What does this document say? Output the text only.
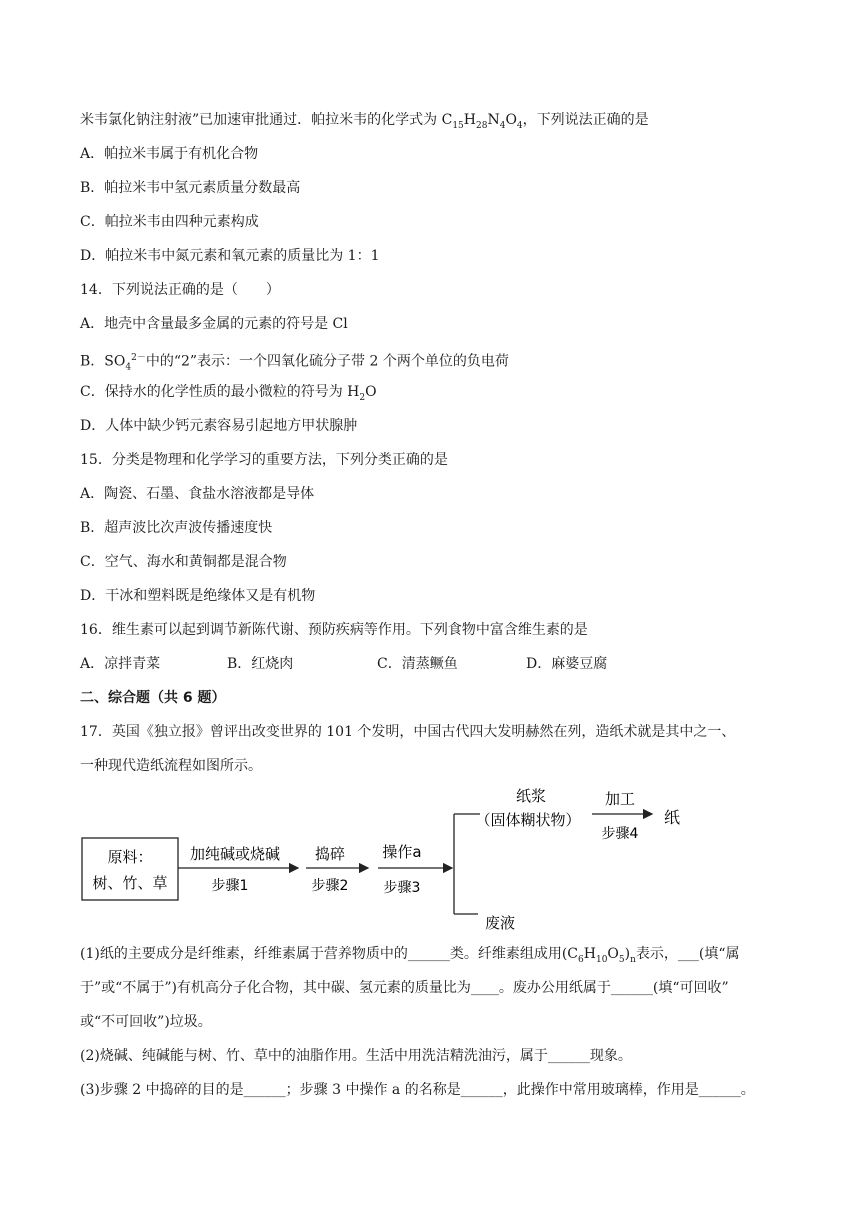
米韦氯化钠注射液”已加速审批通过．帕拉米韦的化学式为 $C_{15}H_{28}N_4O_4$，下列说法正确的是
A．帕拉米韦属于有机化合物
B．帕拉米韦中氢元素质量分数最高
C．帕拉米韦由四种元素构成
D．帕拉米韦中氮元素和氧元素的质量比为 1：1
14．下列说法正确的是（　　）
A．地壳中含量最多金属的元素的符号是 Cl
B．$SO_4^{2-}$中的“2”表示：一个四氧化硫分子带 2 个两个单位的负电荷
C．保持水的化学性质的最小微粒的符号为 $H_2O$
D．人体中缺少钙元素容易引起地方甲状腺肿
15．分类是物理和化学学习的重要方法，下列分类正确的是
A．陶瓷、石墨、食盐水溶液都是导体
B．超声波比次声波传播速度快
C．空气、海水和黄铜都是混合物
D．干冰和塑料既是绝缘体又是有机物
16．维生素可以起到调节新陈代谢、预防疾病等作用。下列食物中富含维生素的是
A．凉拌青菜	B．红烧肉	C．清蒸鳜鱼	D．麻婆豆腐
二、综合题（共 6 题）
17．英国《独立报》曾评出改变世界的 101 个发明，中国古代四大发明赫然在列，造纸术就是其中之一、
一种现代造纸流程如图所示。
原料：
树、竹、草
加纯碱或烧碱
步骤1
捣碎
步骤2
操作a
步骤3
纸浆
（固体糊状物）
加工
步骤4
纸
废液
(1)纸的主要成分是纤维素，纤维素属于营养物质中的______类。纤维素组成用$(C_6H_{10}O_5)_n$表示，___(填“属
于”或“不属于”)有机高分子化合物，其中碳、氢元素的质量比为____。废办公用纸属于______(填“可回收”
或“不可回收”)垃圾。
(2)烧碱、纯碱能与树、竹、草中的油脂作用。生活中用洗洁精洗油污，属于______现象。
(3)步骤 2 中捣碎的目的是______；步骤 3 中操作 a 的名称是______，此操作中常用玻璃棒，作用是______。
